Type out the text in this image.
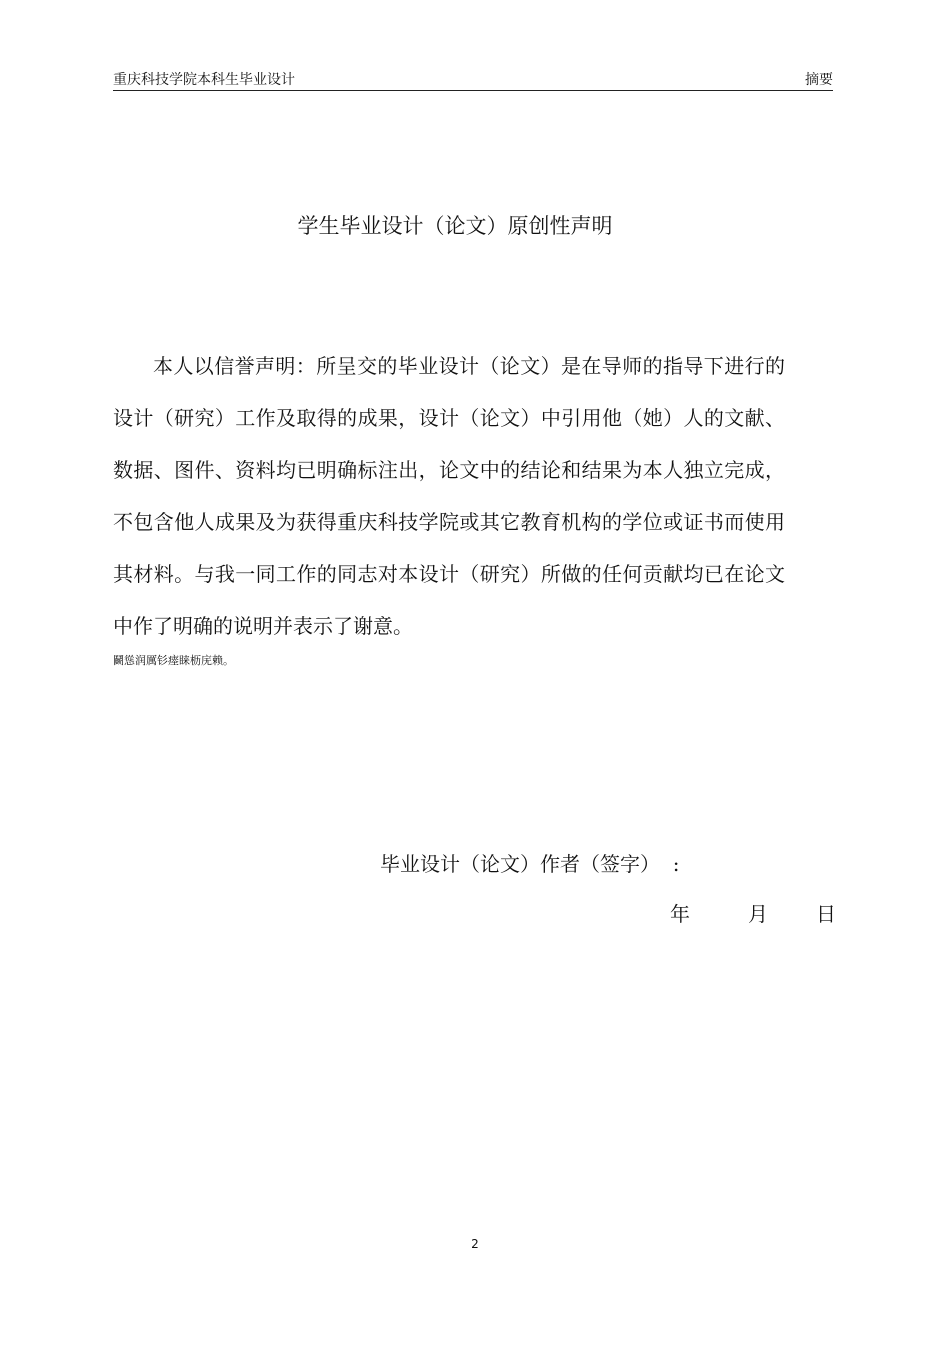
重庆科技学院本科生毕业设计	摘要
学生毕业设计（论文）原创性声明

本人以信誉声明：所呈交的毕业设计（论文）是在导师的指导下进行的设计（研究）工作及取得的成果，设计（论文）中引用他（她）人的文献、数据、图件、资料均已明确标注出，论文中的结论和结果为本人独立完成，不包含他人成果及为获得重庆科技学院或其它教育机构的学位或证书而使用其材料。与我一同工作的同志对本设计（研究）所做的任何贡献均已在论文中作了明确的说明并表示了谢意。

鬬慫润厲钐瘗睐枥庑赖。
毕业设计（论文）作者（签字）  :
年	月 日
2
